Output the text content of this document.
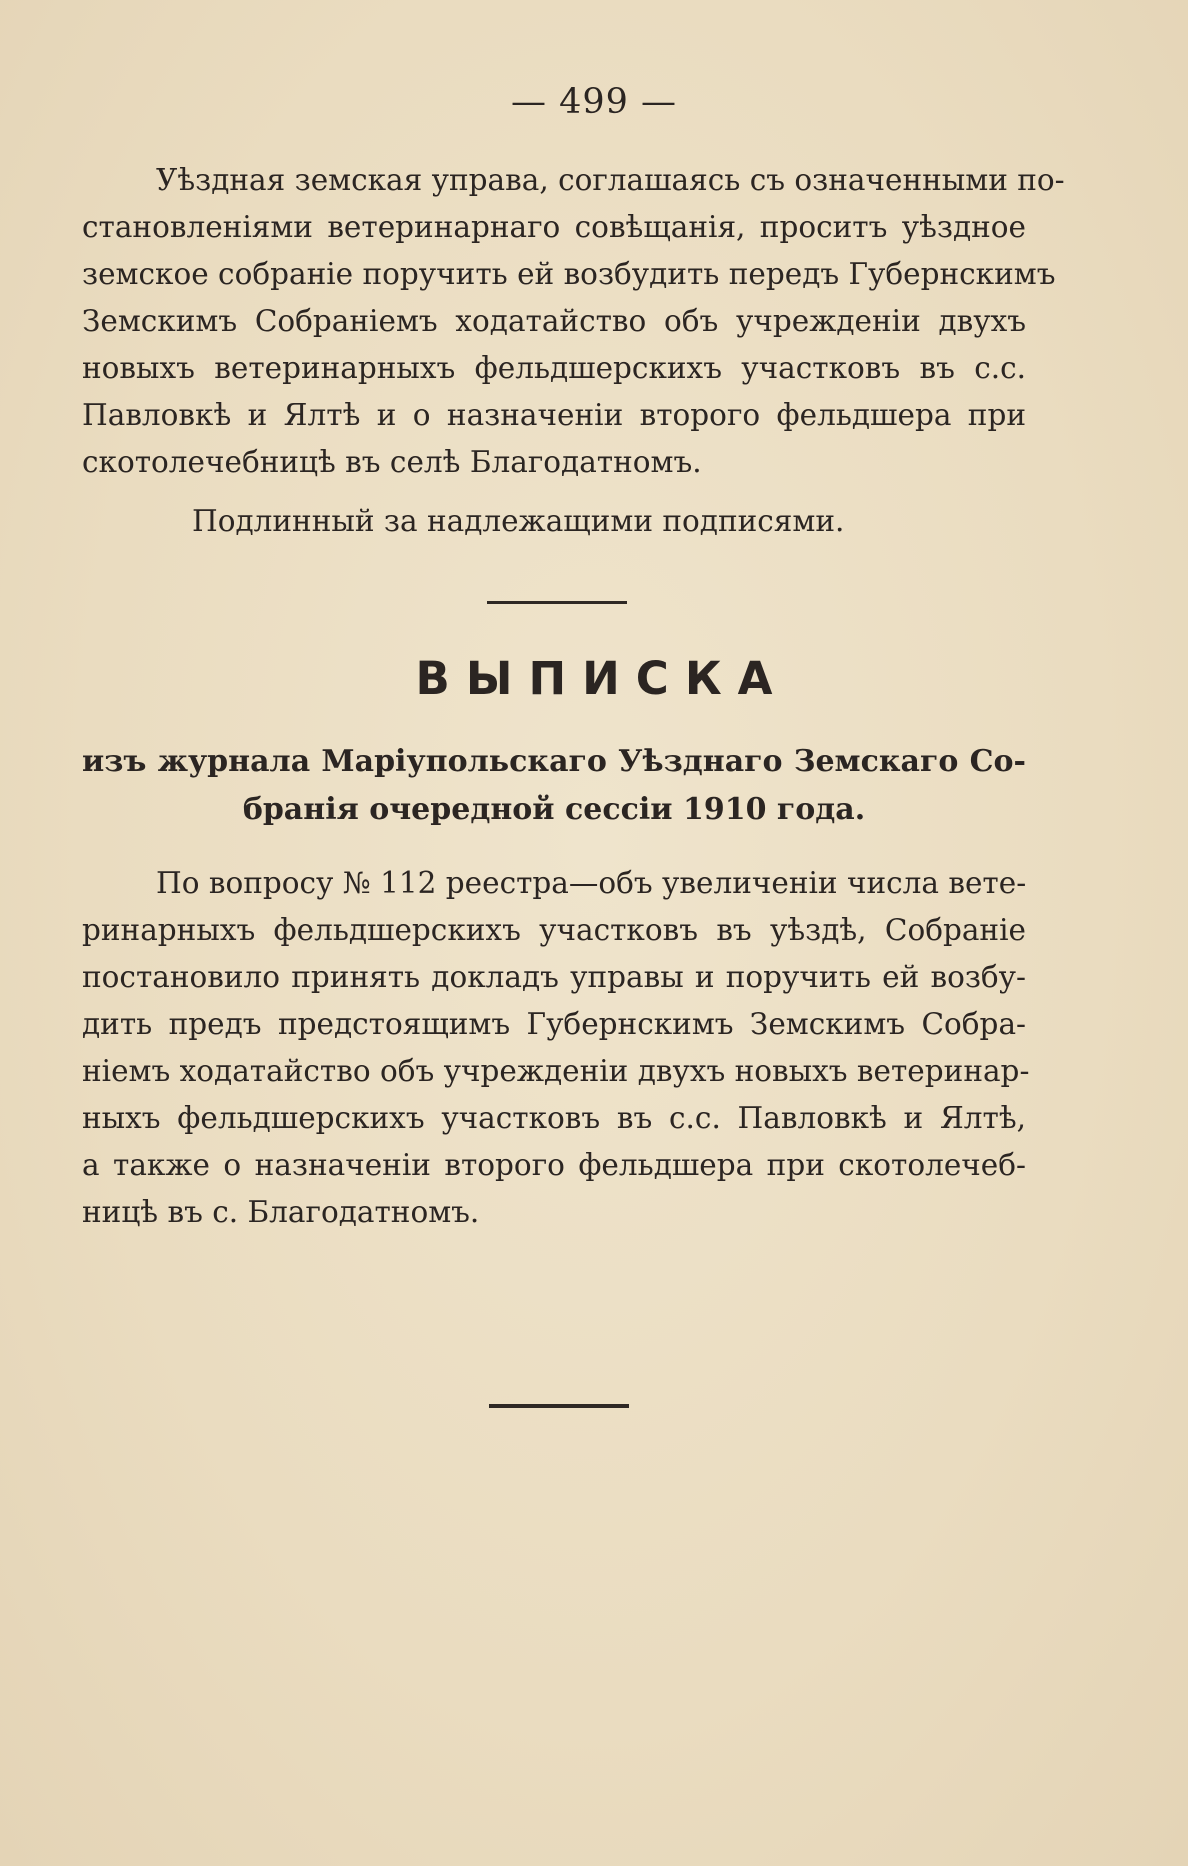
— 499 —
Уѣздная земская управа, соглашаясь съ означенными по-
становленiями ветеринарнаго совѣщанiя, проситъ уѣздное
земское собранiе поручить ей возбудить передъ Губернскимъ
Земскимъ Собранiемъ ходатайство объ учрежденiи двухъ
новыхъ ветеринарныхъ фельдшерскихъ участковъ въ с.с.
Павловкѣ и Ялтѣ и о назначенiи второго фельдшера при
скотолечебницѣ въ селѣ Благодатномъ.
Подлинный за надлежащими подписями.
ВЫПИСКА
изъ журнала Марiупольскаго Уѣзднаго Земскаго Со-
бранiя очередной сессiи 1910 года.
По вопросу № 112 реестра—объ увеличенiи числа вете-
ринарныхъ фельдшерскихъ участковъ въ уѣздѣ, Собранiе
постановило принять докладъ управы и поручить ей возбу-
дить предъ предстоящимъ Губернскимъ Земскимъ Собра-
нiемъ ходатайство объ учрежденiи двухъ новыхъ ветеринар-
ныхъ фельдшерскихъ участковъ въ с.с. Павловкѣ и Ялтѣ,
а также о назначенiи второго фельдшера при скотолечеб-
ницѣ въ с. Благодатномъ.
